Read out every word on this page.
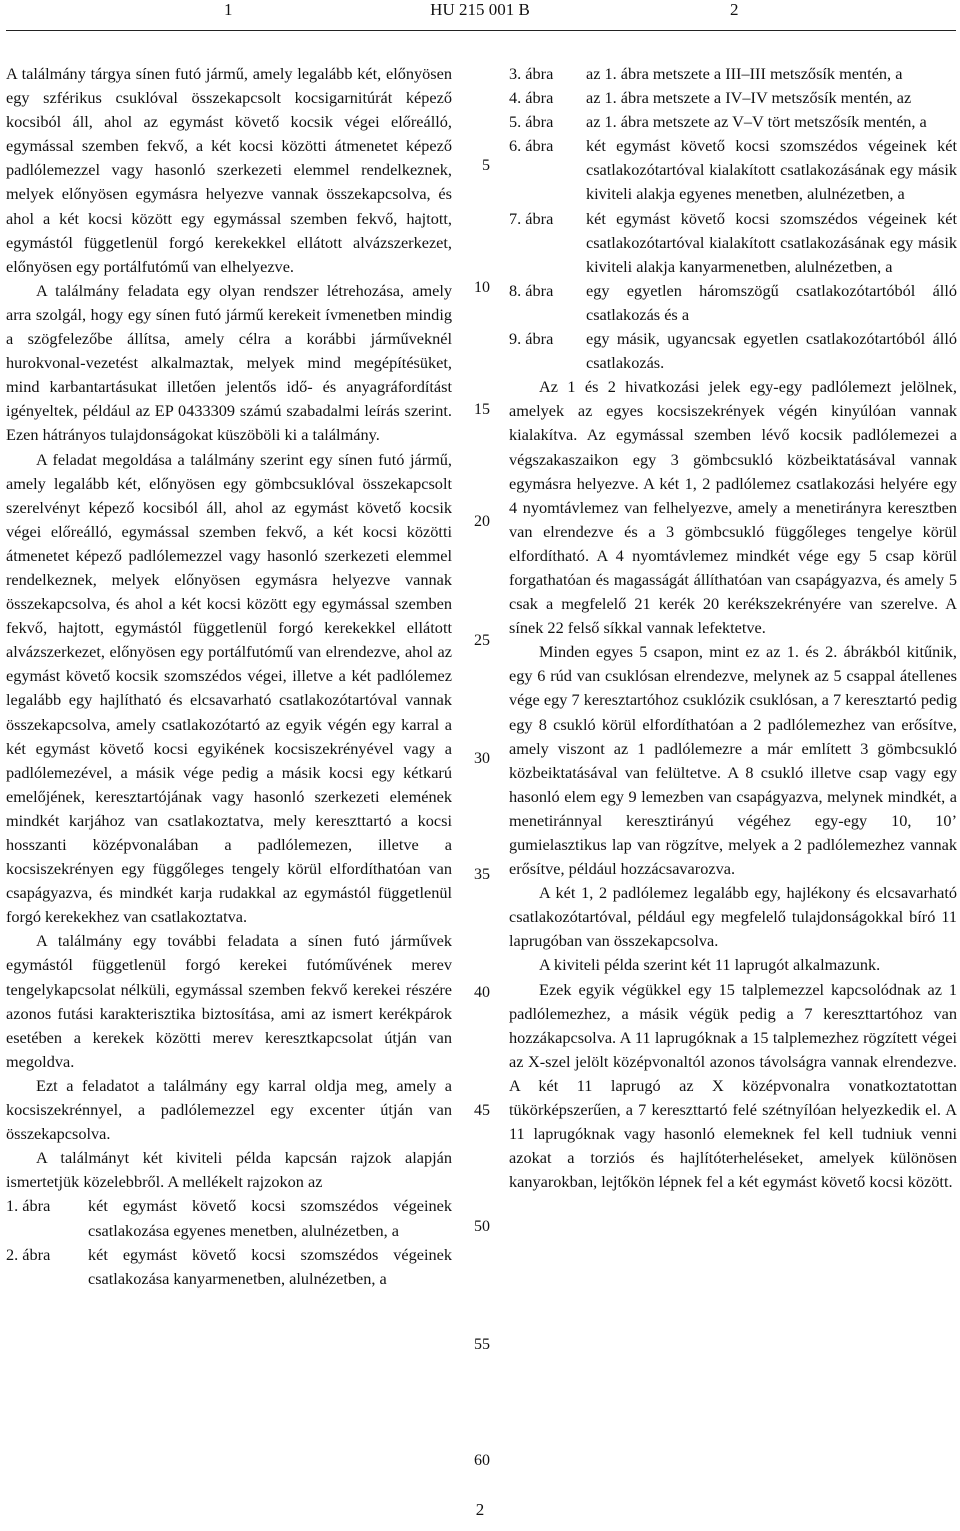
1	HU 215 001 B	2

A találmány tárgya sínen futó jármű, amely legalább két, előnyösen egy szférikus csuklóval összekapcsolt kocsigarnitúrát képező kocsiból áll, ahol az egymást követő kocsik végei előreálló, egymással szemben fekvő, a két kocsi közötti átmenetet képező padlólemezzel vagy hasonló szerkezeti elemmel rendelkeznek, melyek előnyösen egymásra helyezve vannak összekapcsolva, és ahol a két kocsi között egy egymással szemben fekvő, hajtott, egymástól függetlenül forgó kerekekkel ellátott alvázszerkezet, előnyösen egy portálfutómű van elhelyezve.

A találmány feladata egy olyan rendszer létrehozása, amely arra szolgál, hogy egy sínen futó jármű kerekeit ívmenetben mindig a szögfelezőbe állítsa, amely célra a korábbi járműveknél hurokvonal-vezetést alkalmaztak, melyek mind megépítésüket, mind karbantartásukat illetően jelentős idő- és anyagráfordítást igényeltek, például az EP 0433309 számú szabadalmi leírás szerint. Ezen hátrányos tulajdonságokat küszöböli ki a találmány.

A feladat megoldása a találmány szerint egy sínen futó jármű, amely legalább két, előnyösen egy gömbcsuklóval összekapcsolt szerelvényt képező kocsiból áll, ahol az egymást követő kocsik végei előreálló, egymással szemben fekvő, a két kocsi közötti átmenetet képező padlólemezzel vagy hasonló szerkezeti elemmel rendelkeznek, melyek előnyösen egymásra helyezve vannak összekapcsolva, és ahol a két kocsi között egy egymással szemben fekvő, hajtott, egymástól függetlenül forgó kerekekkel ellátott alvázszerkezet, előnyösen egy portálfutómű van elrendezve, ahol az egymást követő kocsik szomszédos végei, illetve a két padlólemez legalább egy hajlítható és elcsavarható csatlakozótartóval vannak összekapcsolva, amely csatlakozótartó az egyik végén egy karral a két egymást követő kocsi egyikének kocsiszekrényével vagy a padlólemezével, a másik vége pedig a másik kocsi egy kétkarú emelőjének, keresztartójának vagy hasonló szerkezeti elemének mindkét karjához van csatlakoztatva, mely kereszttartó a kocsi hosszanti középvonalában a padlólemezen, illetve a kocsiszekrényen egy függőleges tengely körül elfordíthatóan van csapágyazva, és mindkét karja rudakkal az egymástól függetlenül forgó kerekekhez van csatlakoztatva.

A találmány egy további feladata a sínen futó járművek egymástól függetlenül forgó kerekei futóművének merev tengelykapcsolat nélküli, egymással szemben fekvő kerekei részére azonos futási karakterisztika biztosítása, ami az ismert kerékpárok esetében a kerekek közötti merev keresztkapcsolat útján van megoldva.

Ezt a feladatot a találmány egy karral oldja meg, amely a kocsiszekrénnyel, a padlólemezzel egy excenter útján van összekapcsolva.

A találmányt két kiviteli példa kapcsán rajzok alapján ismertetjük közelebbről. A mellékelt rajzokon az

1. ábra	két egymást követő kocsi szomszédos végeinek csatlakozása egyenes menetben, alulnézetben, a
2. ábra	két egymást követő kocsi szomszédos végeinek csatlakozása kanyarmenetben, alulnézetben, a
5
10
15
20
25
30
35
40
45
50
55
60
3. ábra	az 1. ábra metszete a III–III metszősík mentén, a
4. ábra	az 1. ábra metszete a IV–IV metszősík mentén, az
5. ábra	az 1. ábra metszete az V–V tört metszősík mentén, a
6. ábra	két egymást követő kocsi szomszédos végeinek két csatlakozótartóval kialakított csatlakozásának egy másik kiviteli alakja egyenes menetben, alulnézetben, a
7. ábra	két egymást követő kocsi szomszédos végeinek két csatlakozótartóval kialakított csatlakozásának egy másik kiviteli alakja kanyarmenetben, alulnézetben, a
8. ábra	egy egyetlen háromszögű csatlakozótartóból álló csatlakozás és a
9. ábra	egy másik, ugyancsak egyetlen csatlakozótartóból álló csatlakozás.

Az 1 és 2 hivatkozási jelek egy-egy padlólemezt jelölnek, amelyek az egyes kocsiszekrények végén kinyúlóan vannak kialakítva. Az egymással szemben lévő kocsik padlólemezei a végszakaszaikon egy 3 gömbcsukló közbeiktatásával vannak egymásra helyezve. A két 1, 2 padlólemez csatlakozási helyére egy 4 nyomtávlemez van felhelyezve, amely a menetirányra keresztben van elrendezve és a 3 gömbcsukló függőleges tengelye körül elfordítható. A 4 nyomtávlemez mindkét vége egy 5 csap körül forgathatóan és magasságát állíthatóan van csapágyazva, és amely 5 csak a megfelelő 21 kerék 20 kerékszekrényére van szerelve. A sínek 22 felső síkkal vannak lefektetve.

Minden egyes 5 csapon, mint ez az 1. és 2. ábrákból kitűnik, egy 6 rúd van csuklósan elrendezve, melynek az 5 csappal átellenes vége egy 7 keresztartóhoz csuklózik csuklósan, a 7 keresztartó pedig egy 8 csukló körül elfordíthatóan a 2 padlólemezhez van erősítve, amely viszont az 1 padlólemezre a már említett 3 gömbcsukló közbeiktatásával van felültetve. A 8 csukló illetve csap vagy egy hasonló elem egy 9 lemezben van csapágyazva, melynek mindkét, a menetiránnyal keresztirányú végéhez egy-egy 10, 10’ gumielasztikus lap van rögzítve, melyek a 2 padlólemezhez vannak erősítve, például hozzácsavarozva.

A két 1, 2 padlólemez legalább egy, hajlékony és elcsavarható csatlakozótartóval, például egy megfelelő tulajdonságokkal bíró 11 laprugóban van összekapcsolva.

A kiviteli példa szerint két 11 laprugót alkalmazunk.

Ezek egyik végükkel egy 15 talplemezzel kapcsolódnak az 1 padlólemezhez, a másik végük pedig a 7 kereszttartóhoz van hozzákapcsolva. A 11 laprugóknak a 15 talplemezhez rögzített végei az X-szel jelölt középvonaltól azonos távolságra vannak elrendezve. A két 11 laprugó az X középvonalra vonatkoztatottan tükörképszerűen, a 7 kereszttartó felé szétnyílóan helyezkedik el. A 11 laprugóknak vagy hasonló elemeknek fel kell tudniuk venni azokat a torziós és hajlítóterheléseket, amelyek különösen kanyarokban, lejtőkön lépnek fel a két egymást követő kocsi között.

2
